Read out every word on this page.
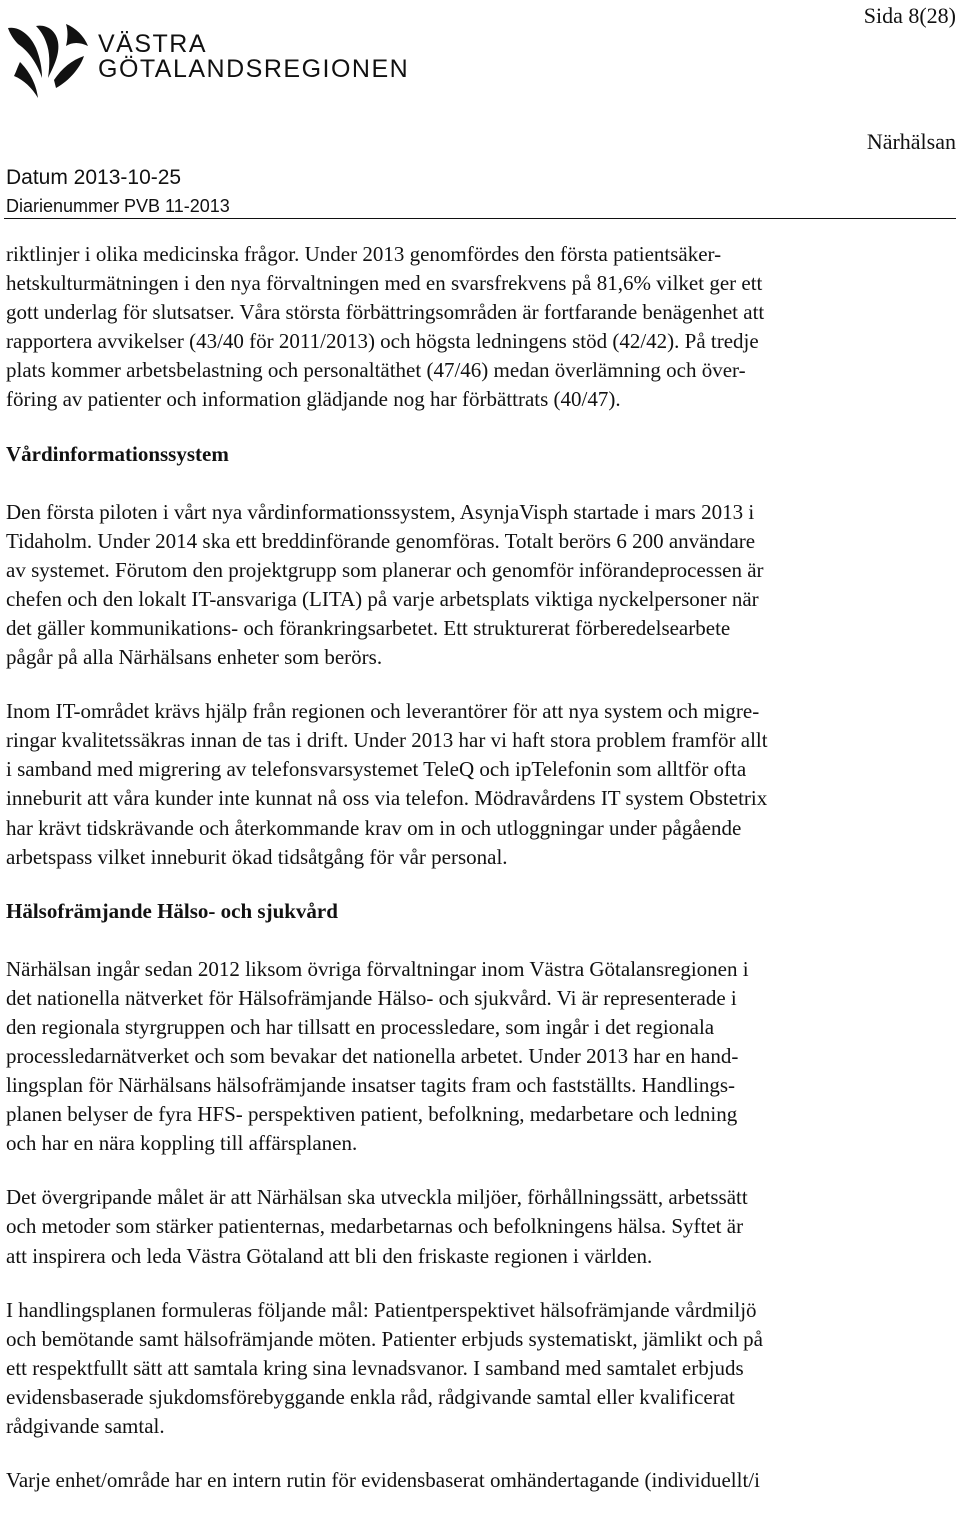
Sida 8(28)
VÄSTRA
GÖTALANDSREGIONEN
Närhälsan
Datum 2013-10-25
Diarienummer PVB 11-2013

riktlinjer i olika medicinska frågor. Under 2013 genomfördes den första patientsäker-
hetskulturmätningen i den nya förvaltningen med en svarsfrekvens på 81,6% vilket ger ett
gott underlag för slutsatser. Våra största förbättringsområden är fortfarande benägenhet att
rapportera avvikelser (43/40 för 2011/2013) och högsta ledningens stöd (42/42). På tredje
plats kommer arbetsbelastning och personaltäthet (47/46) medan överlämning och över-
föring av patienter och information glädjande nog har förbättrats (40/47).

Vårdinformationssystem

Den första piloten i vårt nya vårdinformationssystem, AsynjaVisph startade i mars 2013 i
Tidaholm. Under 2014 ska ett breddinförande genomföras. Totalt berörs 6 200 användare
av systemet. Förutom den projektgrupp som planerar och genomför införandeprocessen är
chefen och den lokalt IT-ansvariga (LITA) på varje arbetsplats viktiga nyckelpersoner när
det gäller kommunikations- och förankringsarbetet. Ett strukturerat förberedelsearbete
pågår på alla Närhälsans enheter som berörs.

Inom IT-området krävs hjälp från regionen och leverantörer för att nya system och migre-
ringar kvalitetssäkras innan de tas i drift. Under 2013 har vi haft stora problem framför allt
i samband med migrering av telefonsvarsystemet TeleQ och ipTelefonin som alltför ofta
inneburit att våra kunder inte kunnat nå oss via telefon. Mödravårdens IT system Obstetrix
har krävt tidskrävande och återkommande krav om in och utloggningar under pågående
arbetspass vilket inneburit ökad tidsåtgång för vår personal.

Hälsofrämjande Hälso- och sjukvård

Närhälsan ingår sedan 2012 liksom övriga förvaltningar inom Västra Götalansregionen i
det nationella nätverket för Hälsofrämjande Hälso- och sjukvård. Vi är representerade i
den regionala styrgruppen och har tillsatt en processledare, som ingår i det regionala
processledarnätverket och som bevakar det nationella arbetet. Under 2013 har en hand-
lingsplan för Närhälsans hälsofrämjande insatser tagits fram och fastställts. Handlings-
planen belyser de fyra HFS- perspektiven patient, befolkning, medarbetare och ledning
och har en nära koppling till affärsplanen.

Det övergripande målet är att Närhälsan ska utveckla miljöer, förhållningssätt, arbetssätt
och metoder som stärker patienternas, medarbetarnas och befolkningens hälsa. Syftet är
att inspirera och leda Västra Götaland att bli den friskaste regionen i världen.

I handlingsplanen formuleras följande mål: Patientperspektivet hälsofrämjande vårdmiljö
och bemötande samt hälsofrämjande möten. Patienter erbjuds systematiskt, jämlikt och på
ett respektfullt sätt att samtala kring sina levnadsvanor. I samband med samtalet erbjuds
evidensbaserade sjukdomsförebyggande enkla råd, rådgivande samtal eller kvalificerat
rådgivande samtal.

Varje enhet/område har en intern rutin för evidensbaserat omhändertagande (individuellt/i
